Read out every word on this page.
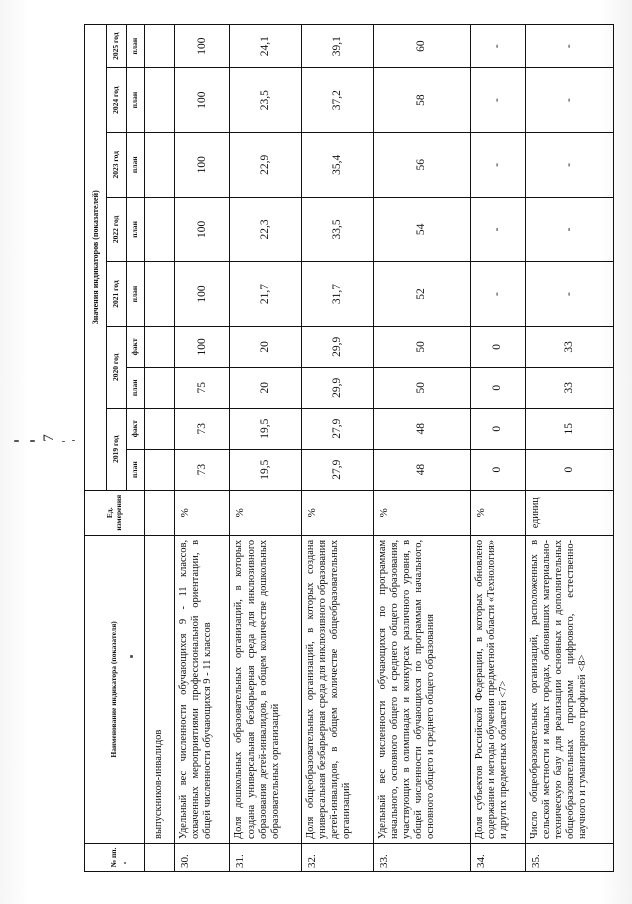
7
№ пп.	Наименование индикатора (показателя)	Ед. измерения	Значения индикаторов (показателей)								
			2019 год		2020 год		2021 год	2022 год	2023 год	2024 год	2025 год
			план	факт	план	факт	план	план	план	план	план
	выпускников-инвалидов										
30.	Удельный вес численности обучающихся 9 - 11 классов, охваченных мероприятиями профессиональной ориентации, в общей численности обучающихся 9 - 11 классов	%	73	73	75	100	100	100	100	100	100
31.	Доля дошкольных образовательных организаций, в которых создана универсальная безбарьерная среда для инклюзивного образования детей-инвалидов, в общем количестве дошкольных образовательных организаций	%	19,5	19,5	20	20	21,7	22,3	22,9	23,5	24,1
32.	Доля общеобразовательных организаций, в которых создана универсальная безбарьерная среда для инклюзивного образования детей-инвалидов, в общем количестве общеобразовательных организаций	%	27,9	27,9	29,9	29,9	31,7	33,5	35,4	37,2	39,1
33.	Удельный вес численности обучающихся по программам начального, основного общего и среднего общего образования, участвующих в олимпиадах и конкурсах различного уровня, в общей численности обучающихся по программам начального, основного общего и среднего общего образования	%	48	48	50	50	52	54	56	58	60
34.	Доля субъектов Российской Федерации, в которых обновлено содержание и методы обучения предметной области «Технология» и других предметных областей <7>	%	0	0	0	0	-	-	-	-	-
35.	Число общеобразовательных организаций, расположенных в сельской местности и малых городах, обновивших материально-техническую базу для реализации основных и дополнительных общеобразовательных программ цифрового, естественно-научного и гуманитарного профилей <8>	единиц	0	15	33	33	-	-	-	-	-
